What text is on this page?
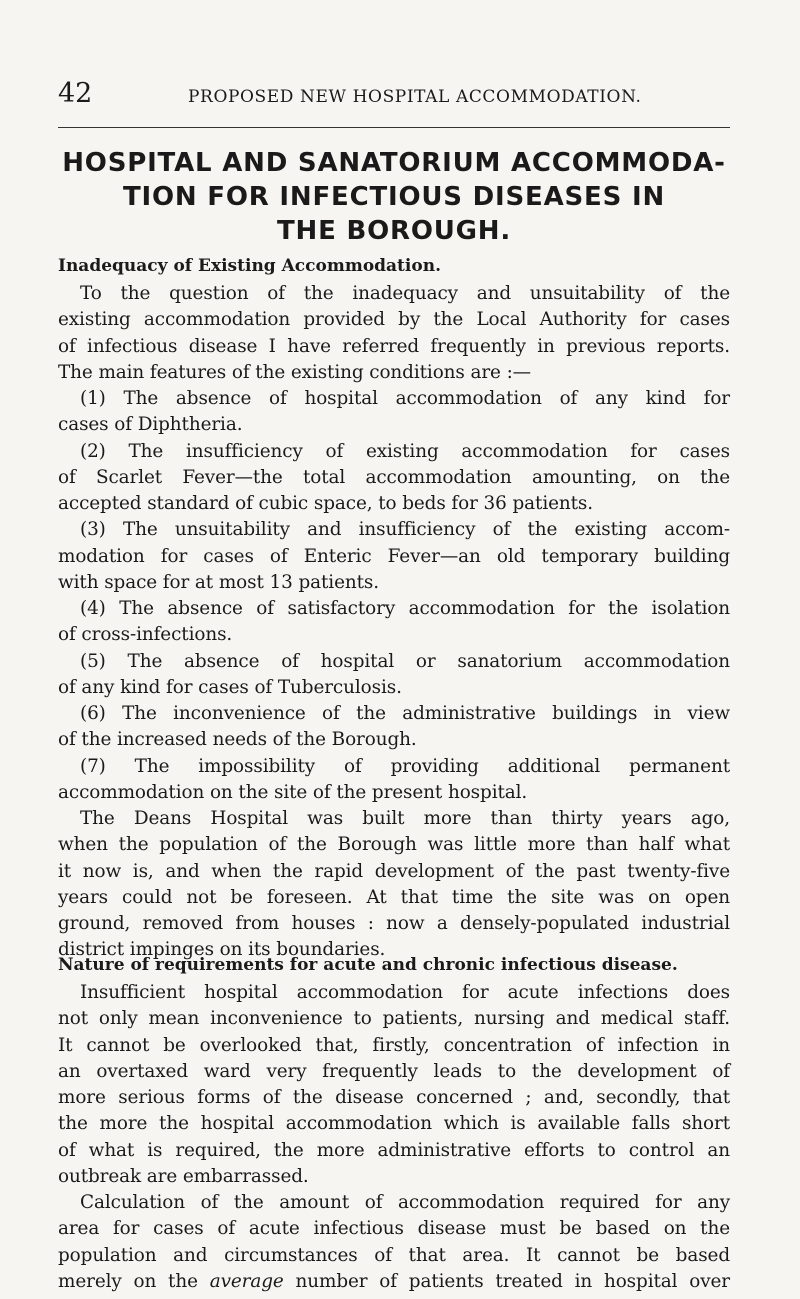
42	PROPOSED NEW HOSPITAL ACCOMMODATION.
HOSPITAL AND SANATORIUM ACCOMMODA-
TION FOR INFECTIOUS DISEASES IN
THE BOROUGH.
Inadequacy of Existing Accommodation.
To the question of the inadequacy and unsuitability of the
existing accommodation provided by the Local Authority for cases
of infectious disease I have referred frequently in previous reports.
The main features of the existing conditions are :—
(1) The absence of hospital accommodation of any kind for
cases of Diphtheria.
(2) The insufficiency of existing accommodation for cases
of Scarlet Fever—the total accommodation amounting, on the
accepted standard of cubic space, to beds for 36 patients.
(3) The unsuitability and insufficiency of the existing accom-
modation for cases of Enteric Fever—an old temporary building
with space for at most 13 patients.
(4) The absence of satisfactory accommodation for the isolation
of cross-infections.
(5) The absence of hospital or sanatorium accommodation
of any kind for cases of Tuberculosis.
(6) The inconvenience of the administrative buildings in view
of the increased needs of the Borough.
(7) The impossibility of providing additional permanent
accommodation on the site of the present hospital.
The Deans Hospital was built more than thirty years ago,
when the population of the Borough was little more than half what
it now is, and when the rapid development of the past twenty-five
years could not be foreseen. At that time the site was on open
ground, removed from houses : now a densely-populated industrial
district impinges on its boundaries.
Nature of requirements for acute and chronic infectious disease.
Insufficient hospital accommodation for acute infections does
not only mean inconvenience to patients, nursing and medical staff.
It cannot be overlooked that, firstly, concentration of infection in
an overtaxed ward very frequently leads to the development of
more serious forms of the disease concerned ; and, secondly, that
the more the hospital accommodation which is available falls short
of what is required, the more administrative efforts to control an
outbreak are embarrassed.
Calculation of the amount of accommodation required for any
area for cases of acute infectious disease must be based on the
population and circumstances of that area. It cannot be based
merely on the average number of patients treated in hospital over
